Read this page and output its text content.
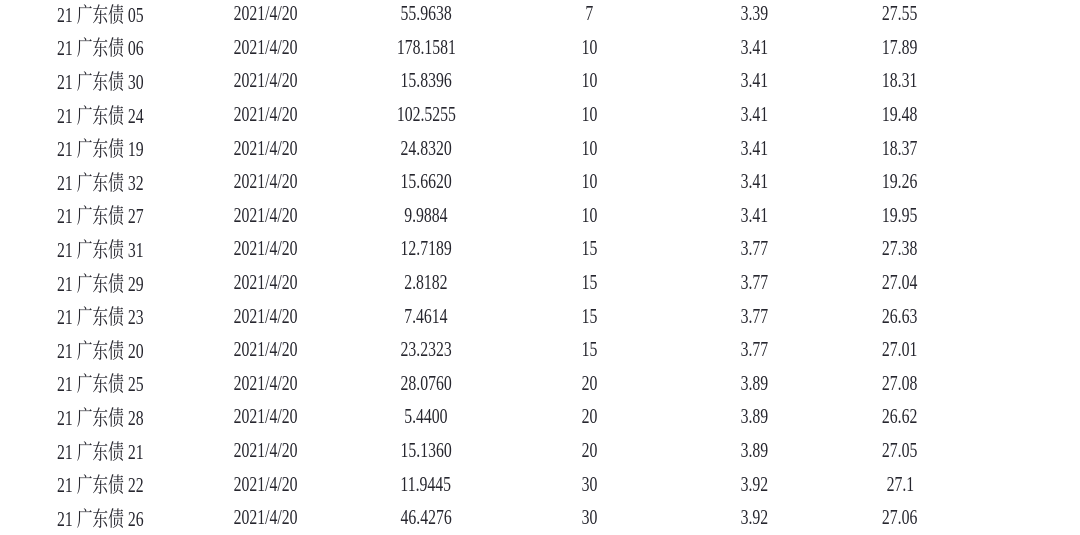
21 广东债 05	2021/4/20	55.9638	7	3.39	27.55	
21 广东债 06	2021/4/20	178.1581	10	3.41	17.89	
21 广东债 30	2021/4/20	15.8396	10	3.41	18.31	
21 广东债 24	2021/4/20	102.5255	10	3.41	19.48	
21 广东债 19	2021/4/20	24.8320	10	3.41	18.37	
21 广东债 32	2021/4/20	15.6620	10	3.41	19.26	
21 广东债 27	2021/4/20	9.9884	10	3.41	19.95	
21 广东债 31	2021/4/20	12.7189	15	3.77	27.38	
21 广东债 29	2021/4/20	2.8182	15	3.77	27.04	
21 广东债 23	2021/4/20	7.4614	15	3.77	26.63	
21 广东债 20	2021/4/20	23.2323	15	3.77	27.01	
21 广东债 25	2021/4/20	28.0760	20	3.89	27.08	
21 广东债 28	2021/4/20	5.4400	20	3.89	26.62	
21 广东债 21	2021/4/20	15.1360	20	3.89	27.05	
21 广东债 22	2021/4/20	11.9445	30	3.92	27.1	
21 广东债 26	2021/4/20	46.4276	30	3.92	27.06	
